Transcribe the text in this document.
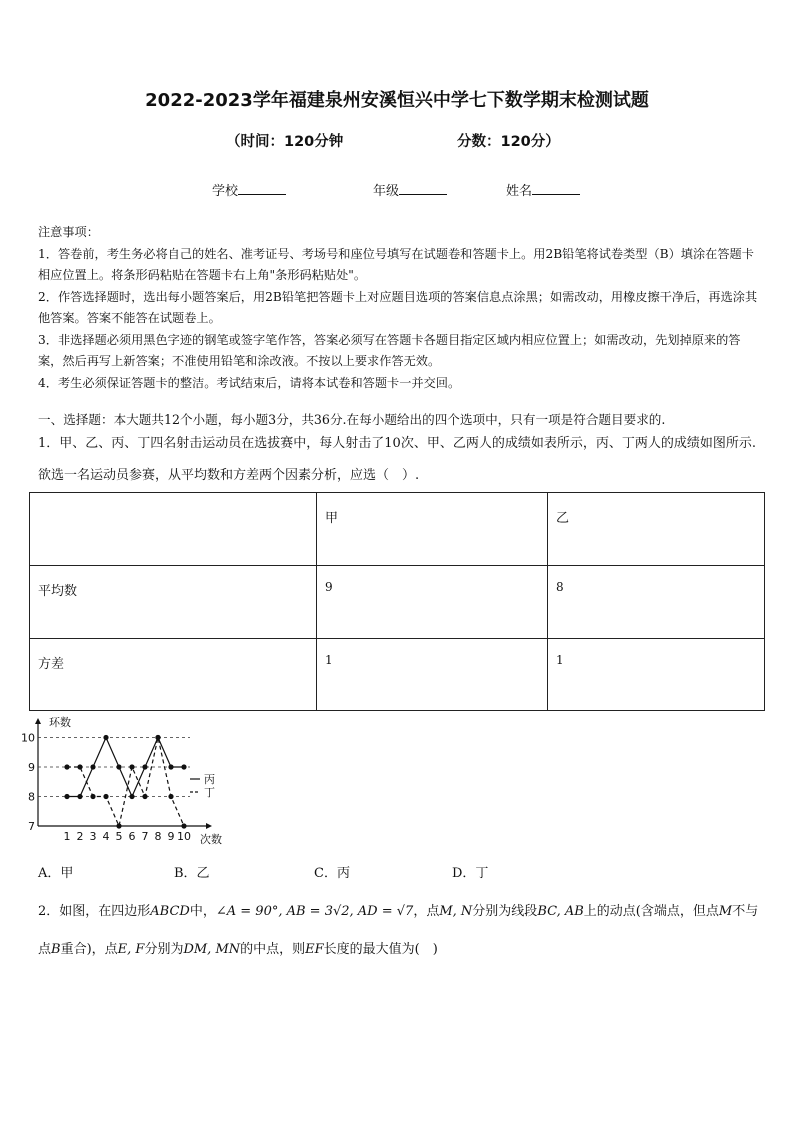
2022-2023学年福建泉州安溪恒兴中学七下数学期末检测试题
（时间：120分钟	分数：120分）
学校	年级	姓名

注意事项：

1．答卷前，考生务必将自己的姓名、准考证号、考场号和座位号填写在试题卷和答题卡上。用2B铅笔将试卷类型（B）填涂在答题卡相应位置上。将条形码粘贴在答题卡右上角"条形码粘贴处"。

2．作答选择题时，选出每小题答案后，用2B铅笔把答题卡上对应题目选项的答案信息点涂黑；如需改动，用橡皮擦干净后，再选涂其他答案。答案不能答在试题卷上。

3．非选择题必须用黑色字迹的钢笔或签字笔作答，答案必须写在答题卡各题目指定区域内相应位置上；如需改动，先划掉原来的答案，然后再写上新答案；不准使用铅笔和涂改液。不按以上要求作答无效。

4．考生必须保证答题卡的整洁。考试结束后，请将本试卷和答题卡一并交回。

一、选择题：本大题共12个小题，每小题3分，共36分.在每小题给出的四个选项中，只有一项是符合题目要求的.
1．甲、乙、丙、丁四名射击运动员在选拔赛中，每人射击了10次、甲、乙两人的成绩如表所示，丙、丁两人的成绩如图所示.欲选一名运动员参赛，从平均数和方差两个因素分析，应选（　）.
	甲	乙
平均数	9	8
方差	1	1
10
9
8
7
1 2 3 4 5 6 7 8 9 10
环数
次数
丙
丁
A．甲	B．乙	C．丙	D．丁
2．如图，在四边形ABCD中，∠A = 90°, AB = 3√2, AD = √7，点M, N分别为线段BC, AB上的动点(含端点，但点M不与点B重合)，点E, F分别为DM, MN的中点，则EF长度的最大值为(　)
